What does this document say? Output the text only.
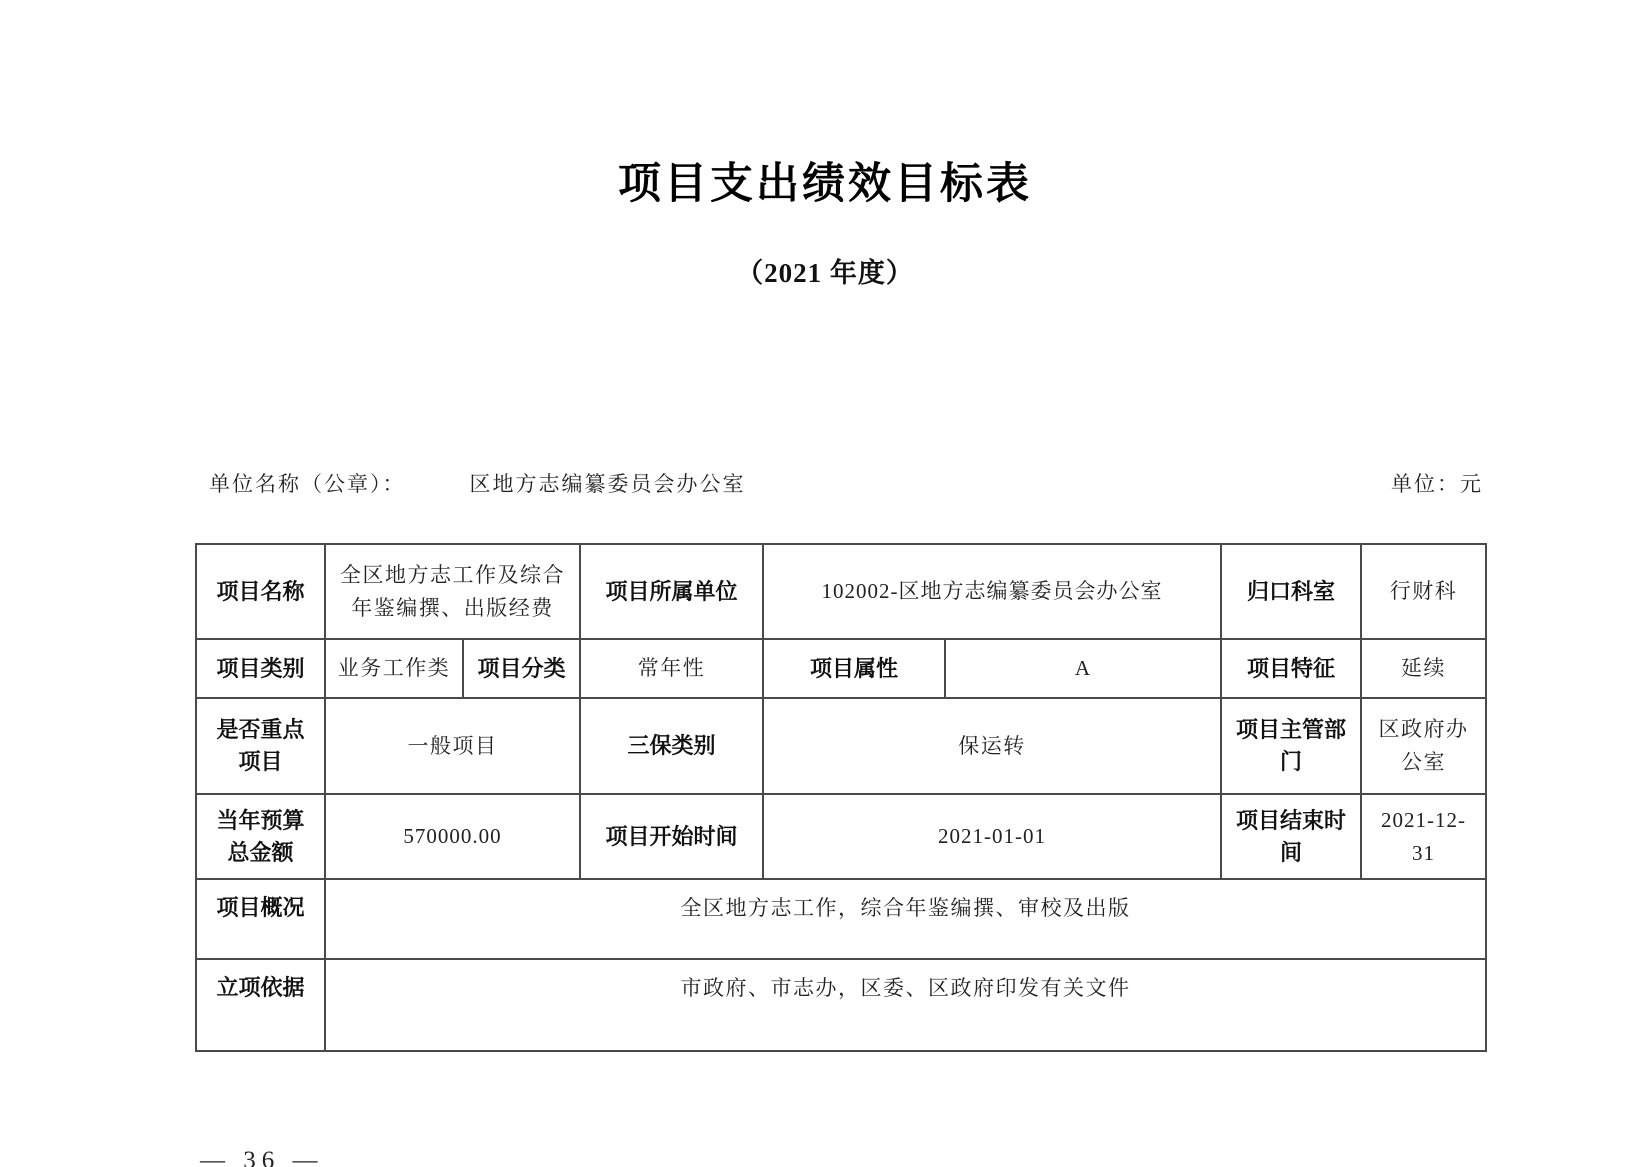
项目支出绩效目标表
（2021 年度）
单位名称（公章）：	区地方志编纂委员会办公室	单位：元
项目名称	全区地方志工作及综合年鉴编撰、出版经费		项目所属单位	102002-区地方志编纂委员会办公室		归口科室	行财科
项目类别	业务工作类	项目分类	常年性	项目属性	A	项目特征	延续
是否重点项目	一般项目		三保类别	保运转		项目主管部门	区政府办公室
当年预算总金额	570000.00		项目开始时间	2021-01-01		项目结束时间	2021-12-31
项目概况	全区地方志工作，综合年鉴编撰、审校及出版						
立项依据	市政府、市志办，区委、区政府印发有关文件						
— 36 —
